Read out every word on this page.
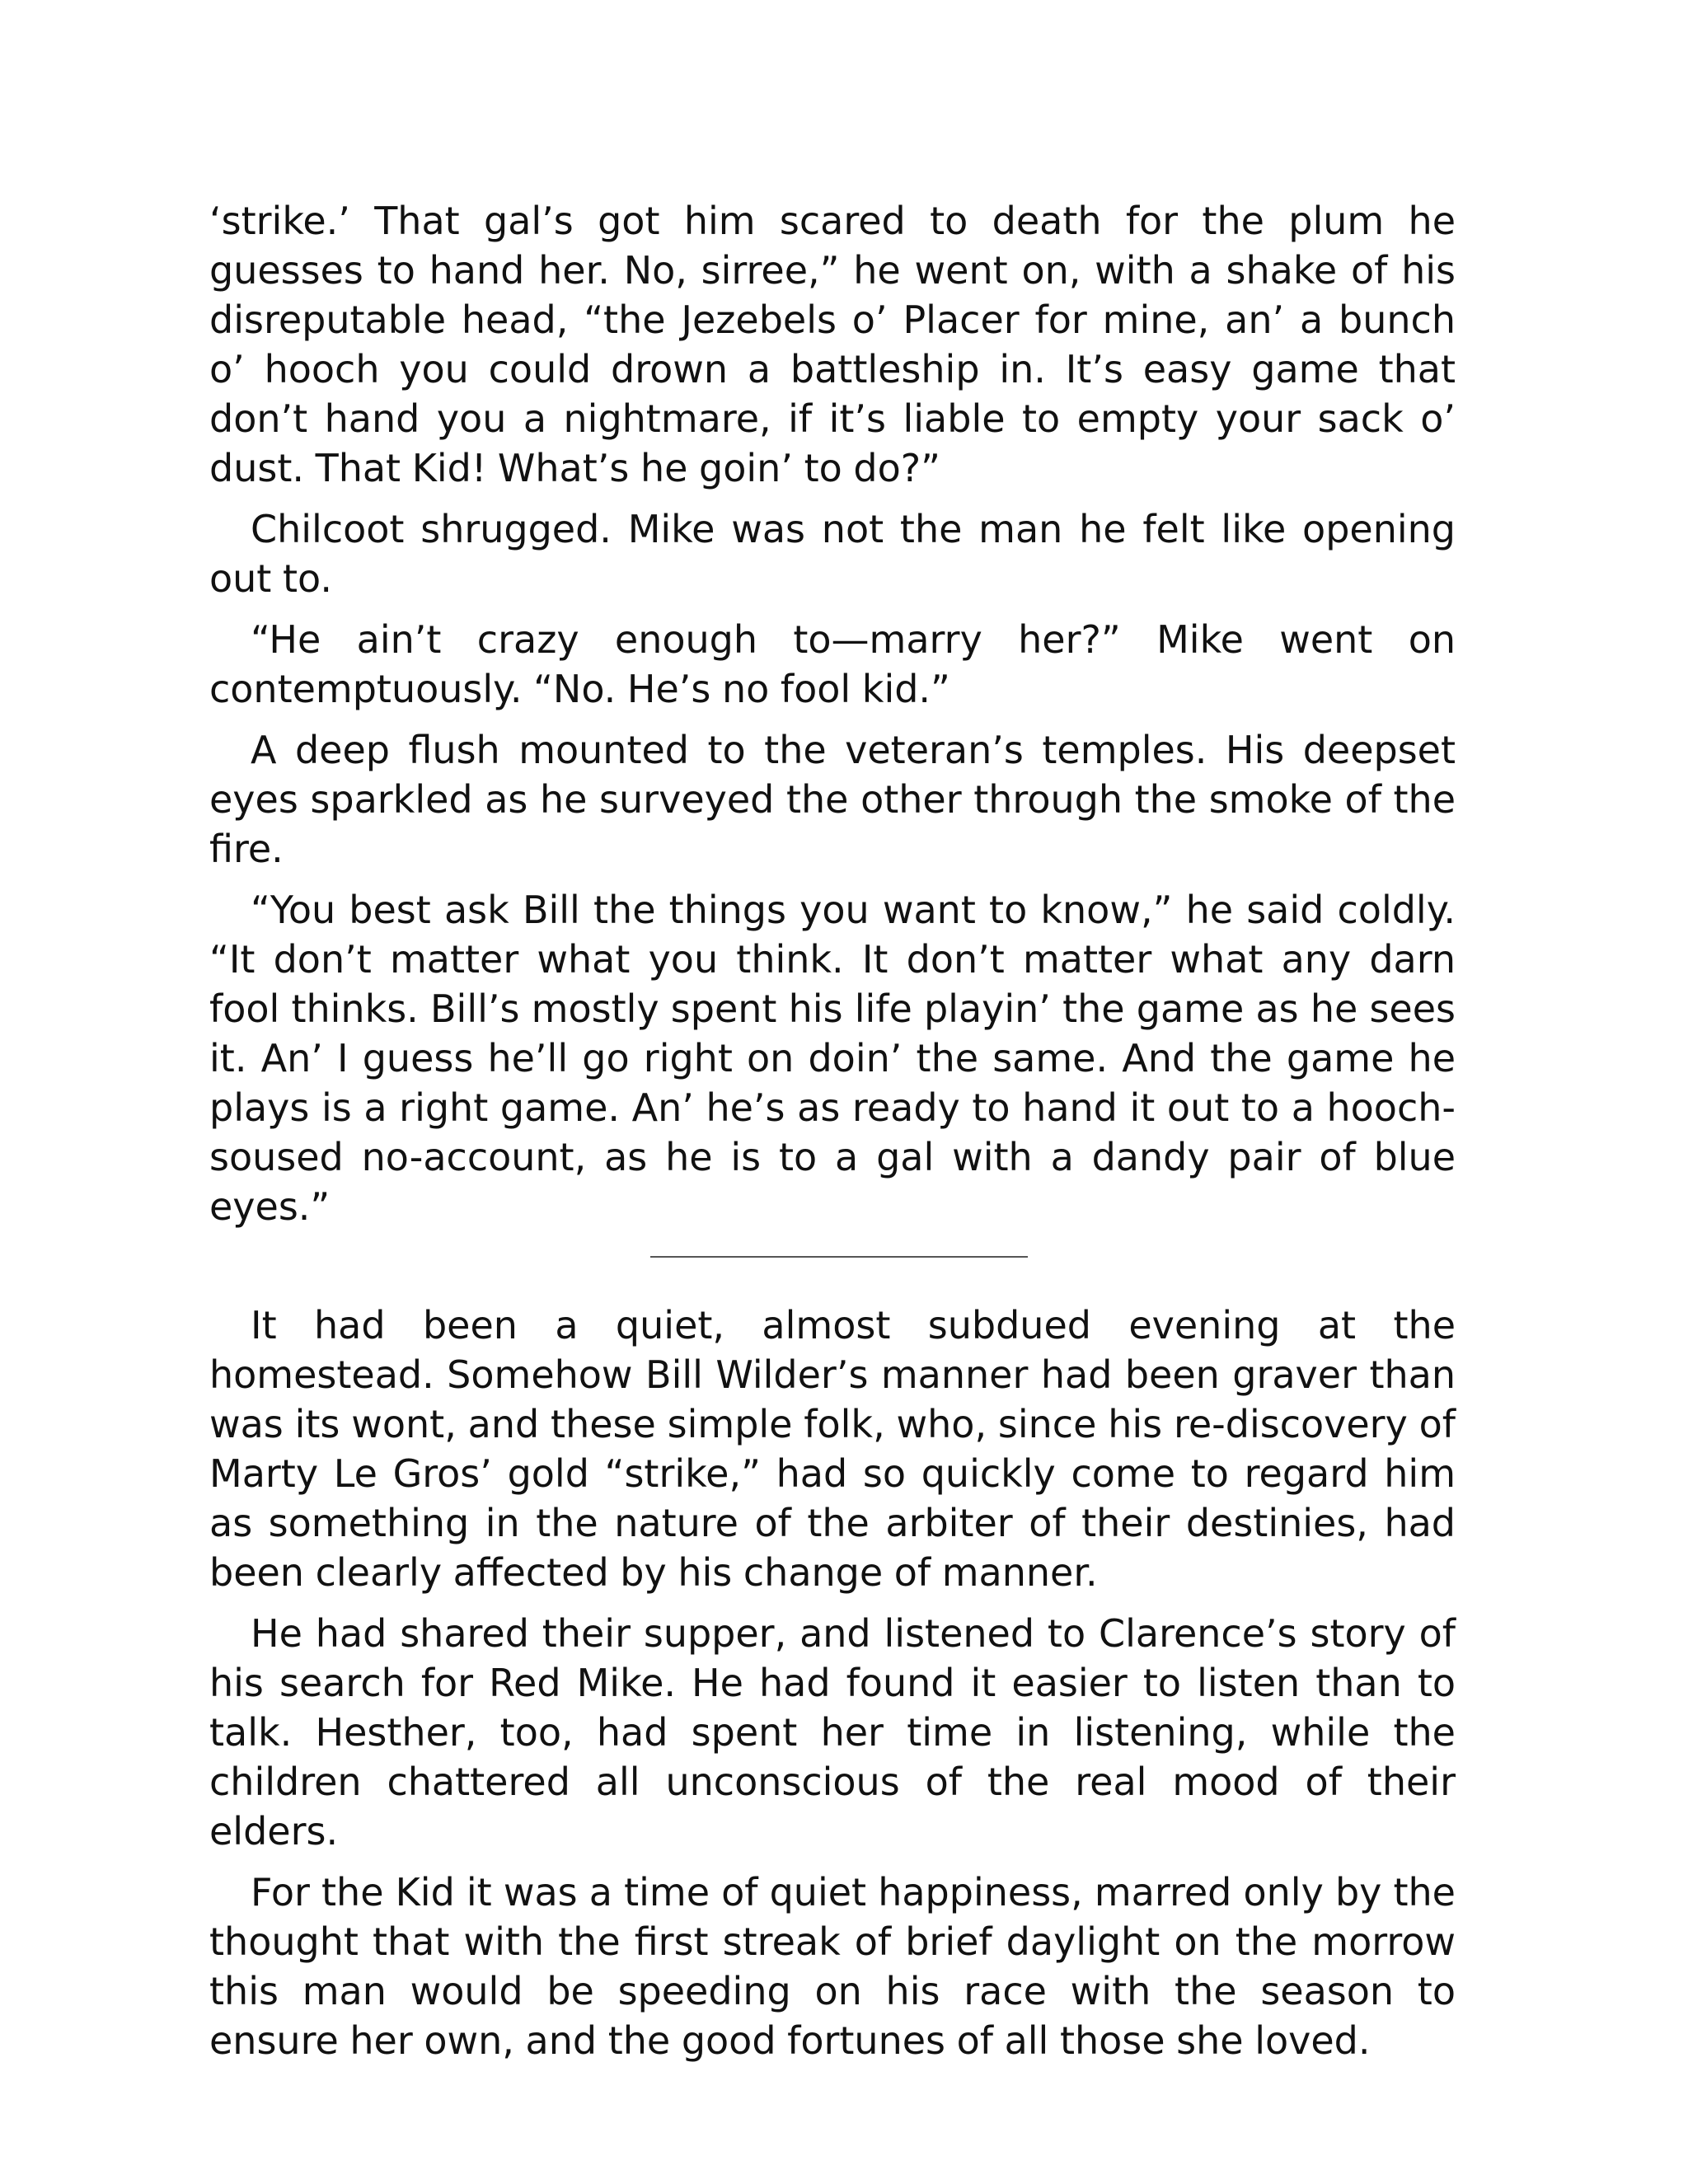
‘strike.’ That gal’s got him scared to death for the plum he guesses to hand her. No, sirree,” he went on, with a shake of his disreputable head, “the Jezebels o’ Placer for mine, an’ a bunch o’ hooch you could drown a battleship in. It’s easy game that don’t hand you a nightmare, if it’s liable to empty your sack o’ dust. That Kid! What’s he goin’ to do?”

Chilcoot shrugged. Mike was not the man he felt like opening out to.

“He ain’t crazy enough to—marry her?” Mike went on contemptuously. “No. He’s no fool kid.”

A deep flush mounted to the veteran’s temples. His deepset eyes sparkled as he surveyed the other through the smoke of the fire.

“You best ask Bill the things you want to know,” he said coldly. “It don’t matter what you think. It don’t matter what any darn fool thinks. Bill’s mostly spent his life playin’ the game as he sees it. An’ I guess he’ll go right on doin’ the same. And the game he plays is a right game. An’ he’s as ready to hand it out to a hooch-soused no-account, as he is to a gal with a dandy pair of blue eyes.”

It had been a quiet, almost subdued evening at the homestead. Somehow Bill Wilder’s manner had been graver than was its wont, and these simple folk, who, since his re-discovery of Marty Le Gros’ gold “strike,” had so quickly come to regard him as something in the nature of the arbiter of their destinies, had been clearly affected by his change of manner.

He had shared their supper, and listened to Clarence’s story of his search for Red Mike. He had found it easier to listen than to talk. Hesther, too, had spent her time in listening, while the children chattered all unconscious of the real mood of their elders.

For the Kid it was a time of quiet happiness, marred only by the thought that with the first streak of brief daylight on the morrow this man would be speeding on his race with the season to ensure her own, and the good fortunes of all those she loved.
